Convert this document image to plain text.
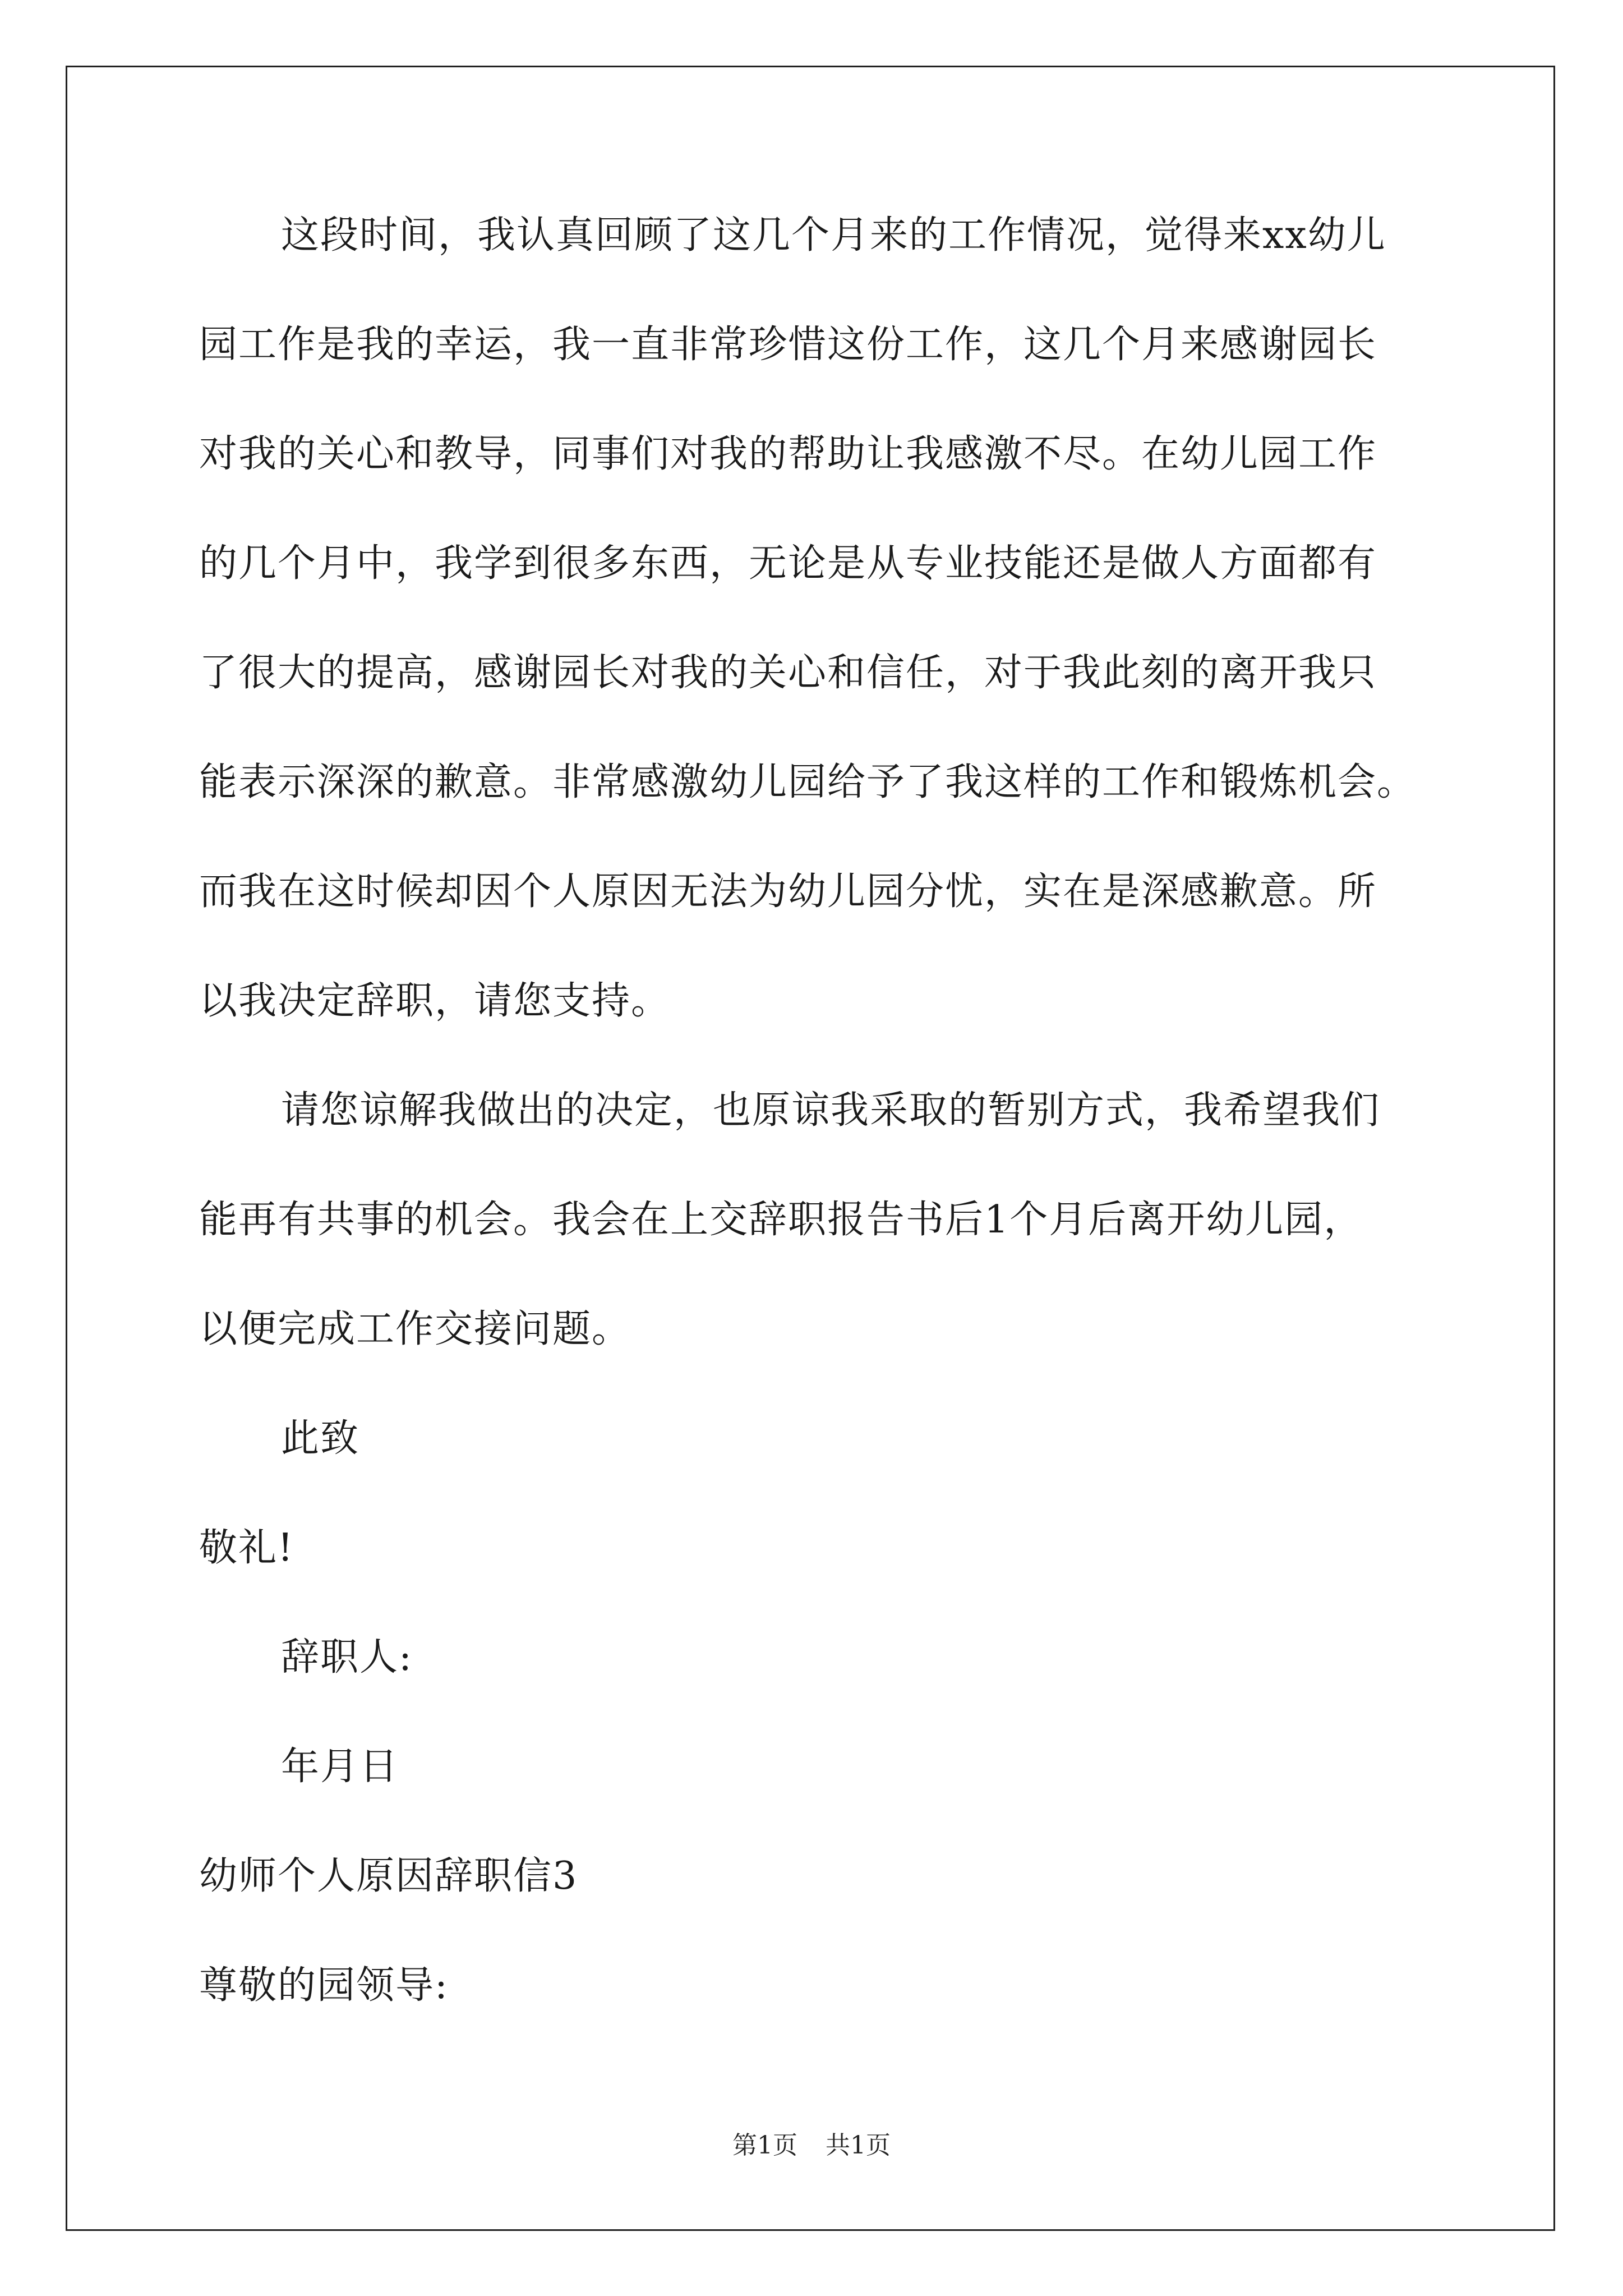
这段时间，我认真回顾了这几个月来的工作情况，觉得来xx幼儿
园工作是我的幸运，我一直非常珍惜这份工作，这几个月来感谢园长
对我的关心和教导，同事们对我的帮助让我感激不尽。在幼儿园工作
的几个月中，我学到很多东西，无论是从专业技能还是做人方面都有
了很大的提高，感谢园长对我的关心和信任，对于我此刻的离开我只
能表示深深的歉意。非常感激幼儿园给予了我这样的工作和锻炼机会。
而我在这时候却因个人原因无法为幼儿园分忧，实在是深感歉意。所
以我决定辞职，请您支持。
请您谅解我做出的决定，也原谅我采取的暂别方式，我希望我们
能再有共事的机会。我会在上交辞职报告书后1个月后离开幼儿园，
以便完成工作交接问题。
此致
敬礼!
辞职人:
年月日
幼师个人原因辞职信3
尊敬的园领导:
第1页 共1页
